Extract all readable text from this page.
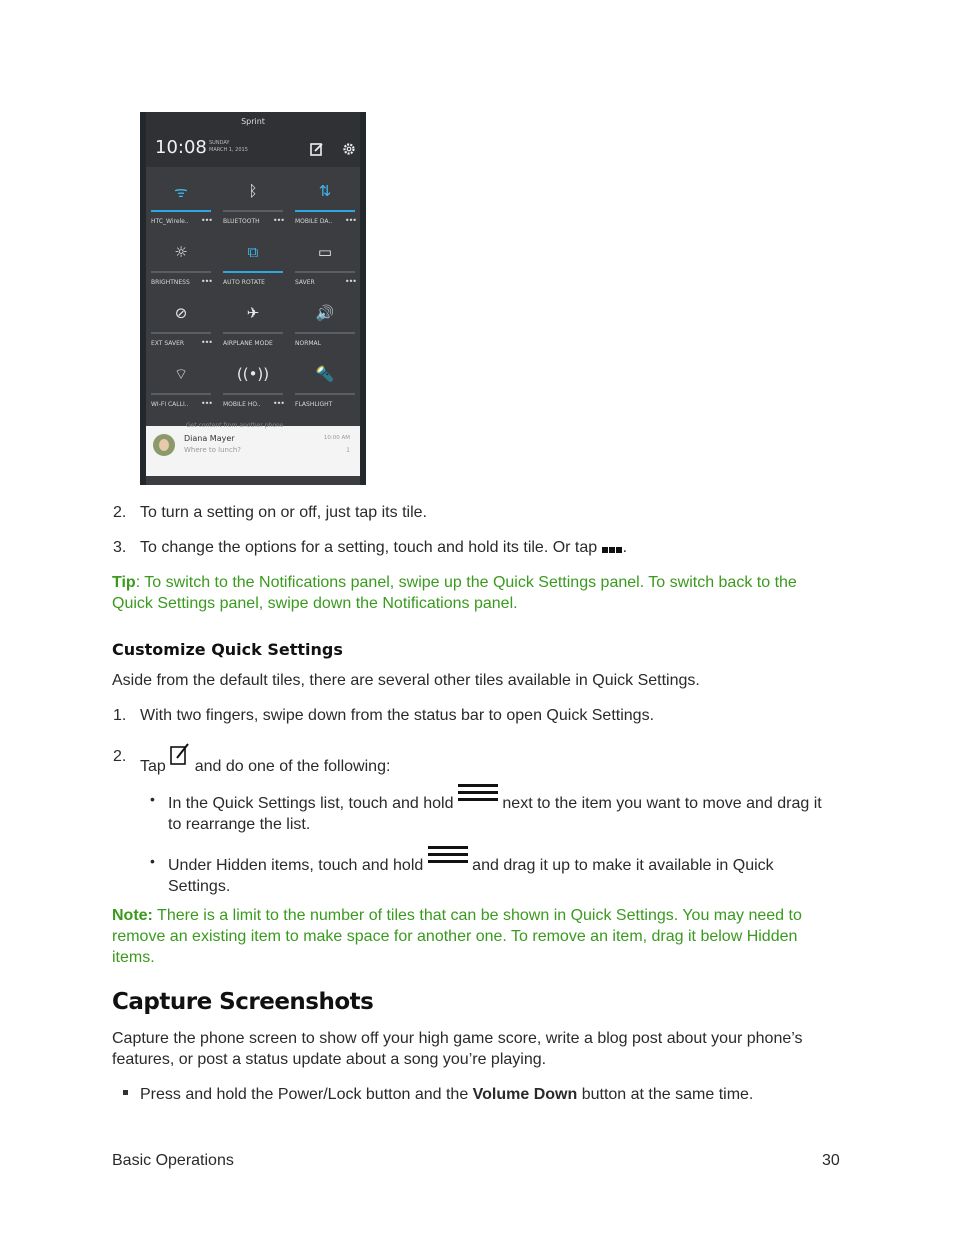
Sprint
10:08 SUNDAY
MARCH 1, 2015
ᯤ
HTC_Wirele.. •••
ᛒ
BLUETOOTH •••
⇅
MOBILE DA.. •••
☼
BRIGHTNESS •••
⧉
AUTO ROTATE
▭
SAVER	•••
⊘
EXT SAVER •••
✈
AIRPLANE MODE
🔊
NORMAL
⌔
WI-FI CALLI.. •••
((•))
MOBILE HO.. •••
🔦
FLASHLIGHT
Get content from another phone
Diana Mayer
Where to lunch?
10:00 AM
1
2. To turn a setting on or off, just tap its tile.
3. To change the options for a setting, touch and hold its tile. Or tap .
Tip: To switch to the Notifications panel, swipe up the Quick Settings panel. To switch back to the Quick Settings panel, swipe down the Notifications panel.
Customize Quick Settings
Aside from the default tiles, there are several other tiles available in Quick Settings.
1. With two fingers, swipe down from the status bar to open Quick Settings.
2.
Tap and do one of the following:
• In the Quick Settings list, touch and hold	next to the item you want to move and drag it to rearrange the list.
• Under Hidden items, touch and hold	and drag it up to make it available in Quick Settings.
Note: There is a limit to the number of tiles that can be shown in Quick Settings. You may need to remove an existing item to make space for another one. To remove an item, drag it below Hidden items.
Capture Screenshots
Capture the phone screen to show off your high game score, write a blog post about your phone’s features, or post a status update about a song you’re playing.
Press and hold the Power/Lock button and the Volume Down button at the same time.
Basic Operations	30
